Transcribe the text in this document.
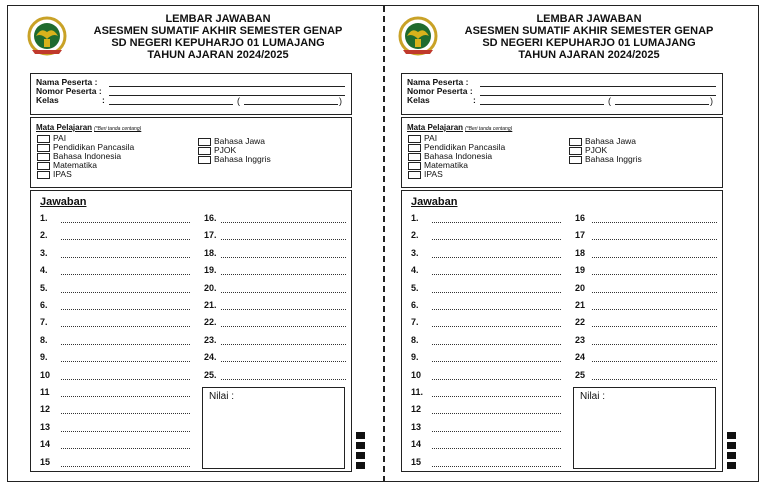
LEMBAR JAWABAN
ASESMEN SUMATIF AKHIR SEMESTER GENAP
SD NEGERI KEPUHARJO 01 LUMAJANG
TAHUN AJARAN 2024/2025
Nama Peserta :
Nomor Peserta :
Kelas	:	(	)
Mata Pelajaran (*Beri tanda centang)
PAI
Pendidikan Pancasila
Bahasa Indonesia
Matematika
IPAS
Bahasa Jawa
PJOK
Bahasa Inggris
Jawaban
1.
2.
3.
4.
5.
6.
7.
8.
9.
10
11
12
13
14
15
16.
17.
18.
19.
20.
21.
22.
23.
24.
25.
Nilai :
LEMBAR JAWABAN
ASESMEN SUMATIF AKHIR SEMESTER GENAP
SD NEGERI KEPUHARJO 01 LUMAJANG
TAHUN AJARAN 2024/2025
Nama Peserta :
Nomor Peserta :
Kelas	:	(	)
Mata Pelajaran (*Beri tanda centang)
PAI
Pendidikan Pancasila
Bahasa Indonesia
Matematika
IPAS
Bahasa Jawa
PJOK
Bahasa Inggris
Jawaban
1.
2.
3.
4.
5.
6.
7.
8.
9.
10
11.
12
13
14
15
16
17
18
19
20
21
22
23
24
25
Nilai :
